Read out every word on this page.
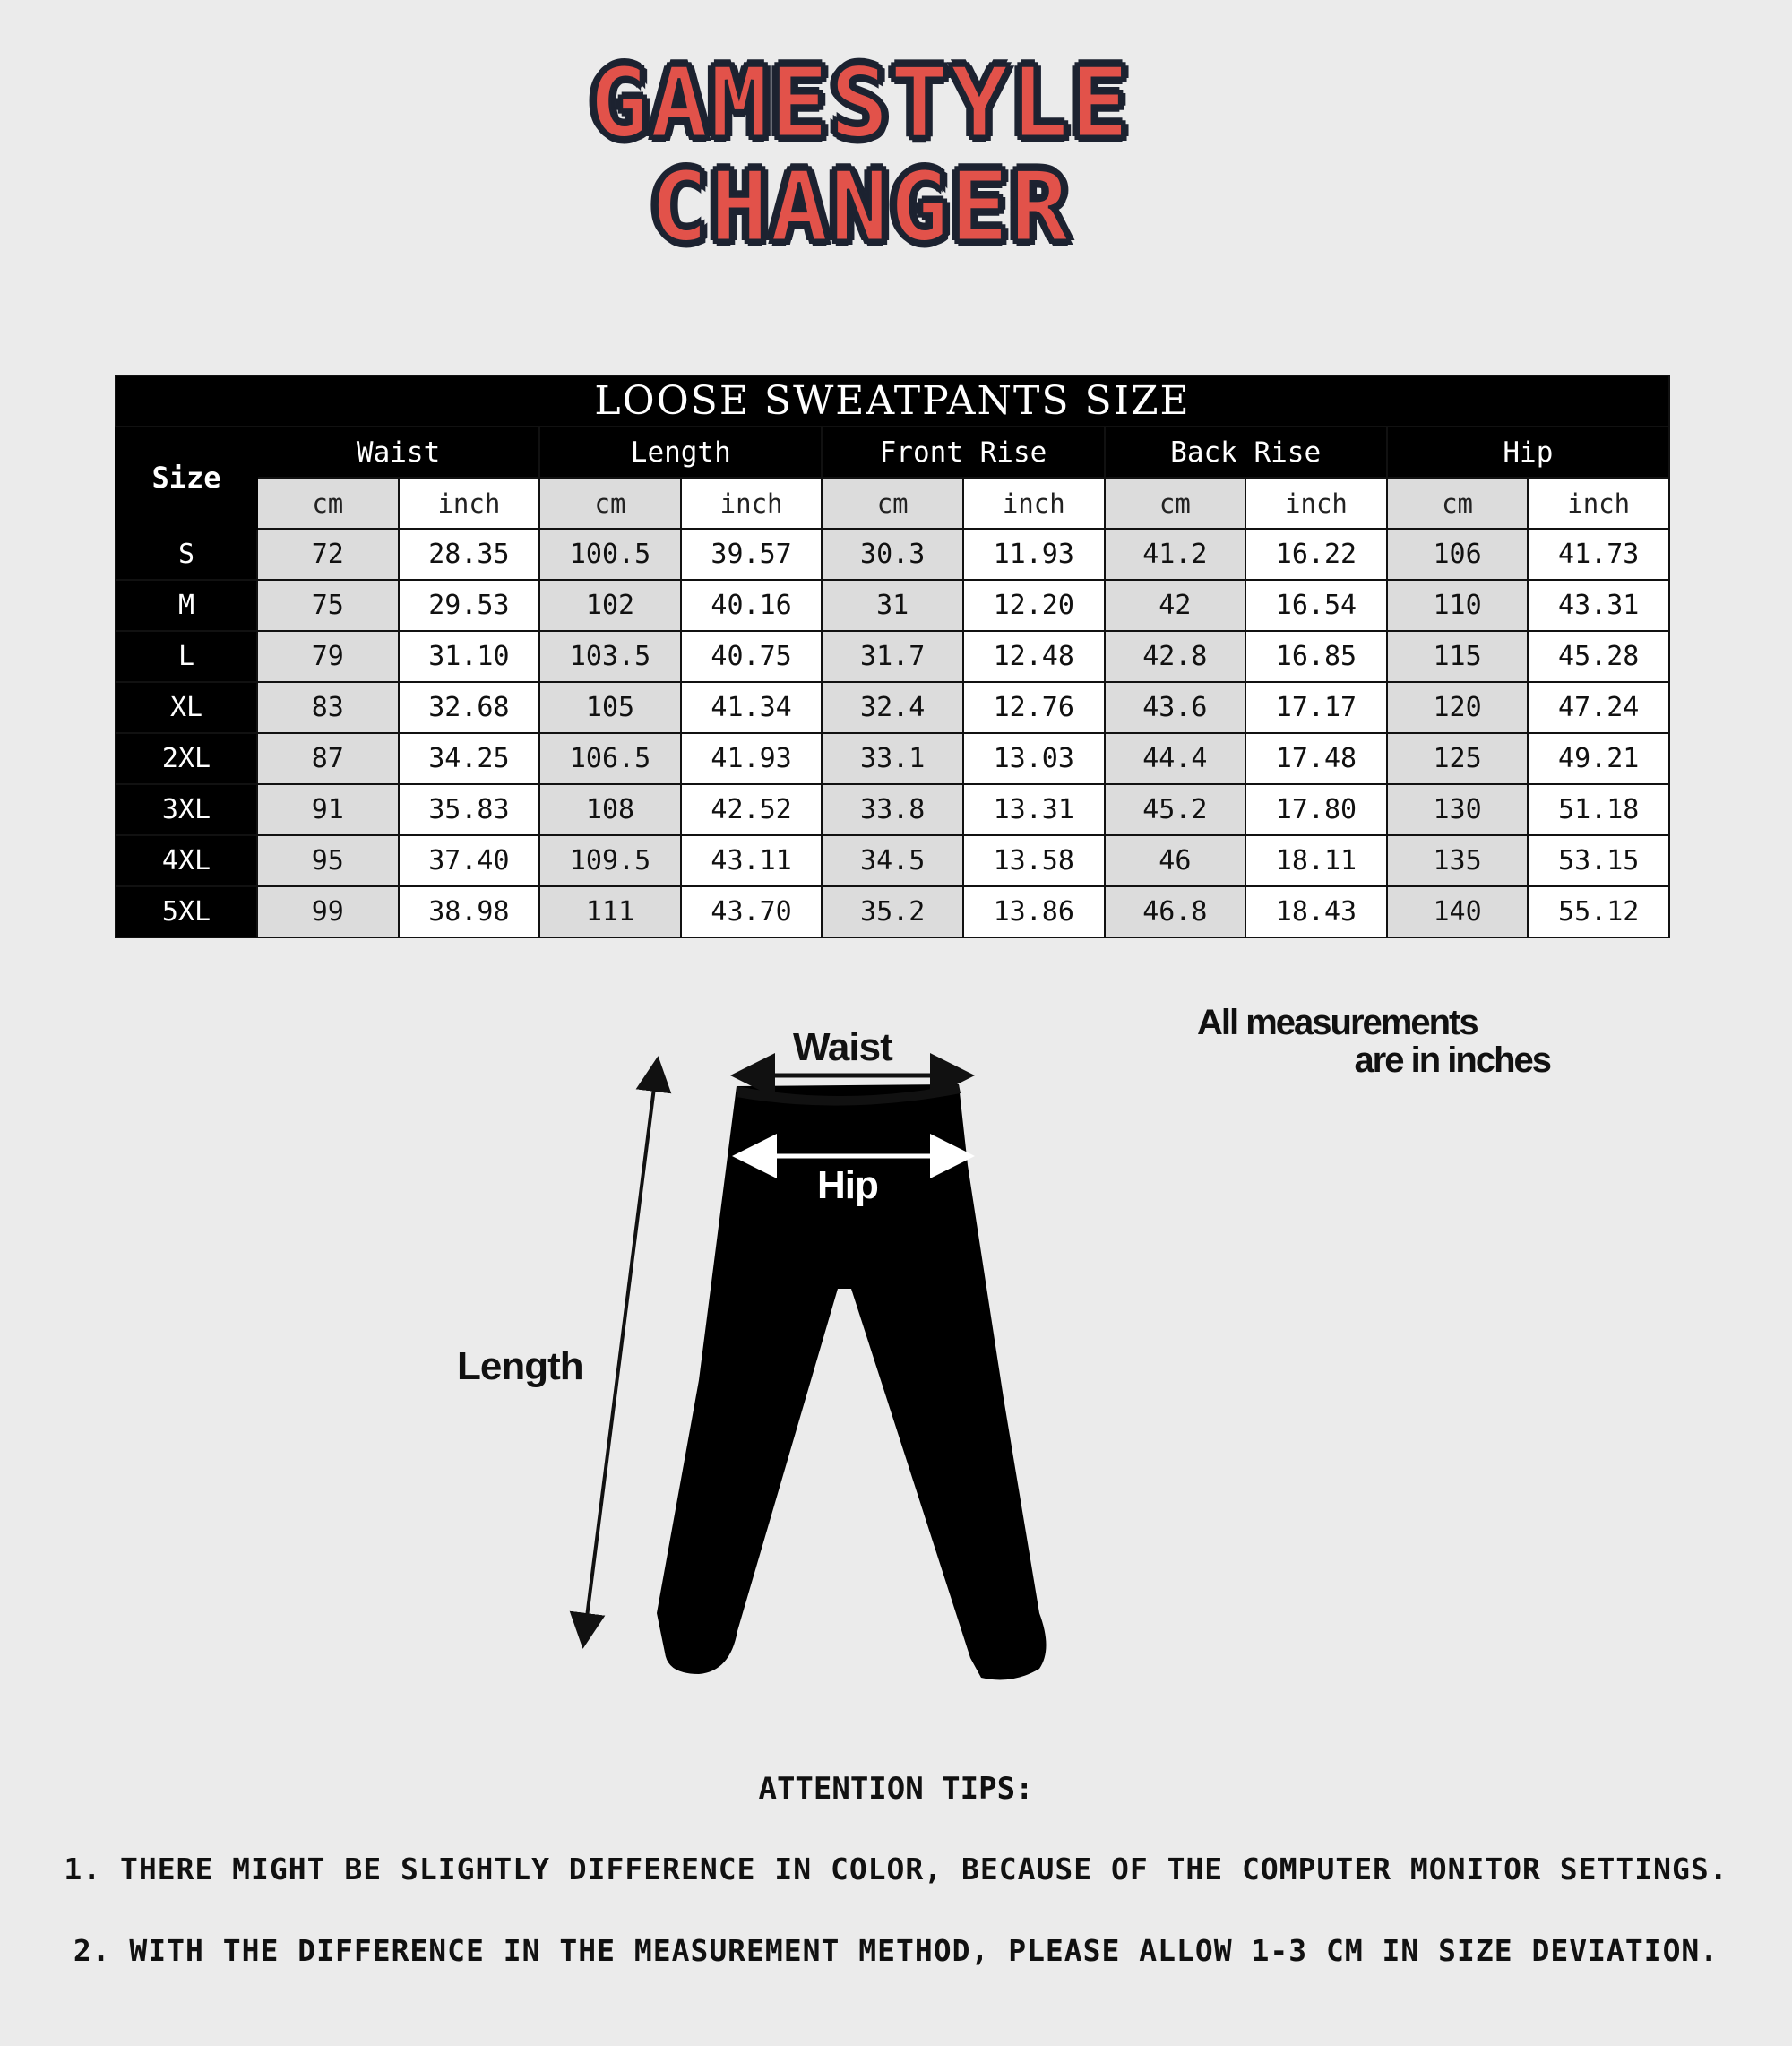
GAMESTYLE
CHANGER
LOOSE SWEATPANTS SIZE										
Size	Waist		Length		Front Rise		Back Rise		Hip	
	cm	inch	cm	inch	cm	inch	cm	inch	cm	inch
S	72	28.35	100.5	39.57	30.3	11.93	41.2	16.22	106	41.73
M	75	29.53	102	40.16	31	12.20	42	16.54	110	43.31
L	79	31.10	103.5	40.75	31.7	12.48	42.8	16.85	115	45.28
XL	83	32.68	105	41.34	32.4	12.76	43.6	17.17	120	47.24
2XL	87	34.25	106.5	41.93	33.1	13.03	44.4	17.48	125	49.21
3XL	91	35.83	108	42.52	33.8	13.31	45.2	17.80	130	51.18
4XL	95	37.40	109.5	43.11	34.5	13.58	46	18.11	135	53.15
5XL	99	38.98	111	43.70	35.2	13.86	46.8	18.43	140	55.12
All measurements
are in inches
Waist
Hip
Length
ATTENTION TIPS:
1. THERE MIGHT BE SLIGHTLY DIFFERENCE IN COLOR, BECAUSE OF THE COMPUTER MONITOR SETTINGS.
2. WITH THE DIFFERENCE IN THE MEASUREMENT METHOD, PLEASE ALLOW 1-3 CM IN SIZE DEVIATION.
